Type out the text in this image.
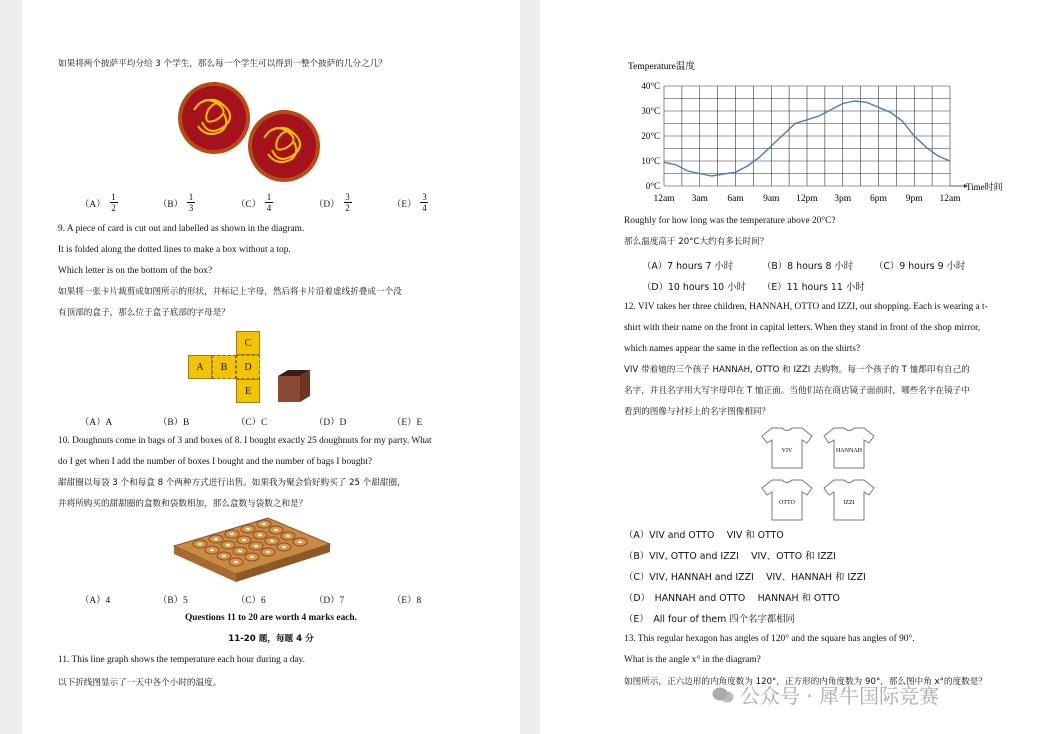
如果将两个披萨平均分给 3 个学生，那么每一个学生可以得到一整个披萨的几分之几？
$(A) \frac{1}{2}$	$(B) \frac{1}{3}$	$(C) \frac{1}{4}$	$(D) \frac{3}{2}$	$(E) \frac{3}{4}$
9. A piece of card is cut out and labelled as shown in the diagram.
It is folded along the dotted lines to make a box without a top.
Which letter is on the bottom of the box?
如果将一张卡片裁剪成如图所示的形状，并标记上字母，然后将卡片沿着虚线折叠成一个没
有顶部的盒子，那么位于盒子底部的字母是？
A	B
C
D
E
（A）A	（B）B	（C）C	（D）D	（E）E
10. Doughnuts come in bags of 3 and boxes of 8. I bought exactly 25 doughnuts for my party. What
do I get when I add the number of boxes I bought and the number of bags I bought?
甜甜圈以每袋 3 个和每盒 8 个两种方式进行出售。如果我为聚会恰好购买了 25 个甜甜圈，
并将所购买的甜甜圈的盒数和袋数相加，那么盒数与袋数之和是？
（A）4	（B）5	（C）6	（D）7	（E）8
Questions 11 to 20 are worth 4 marks each.
11-20 题，每题 4 分
11. This line graph shows the temperature each hour during a day.
以下折线图显示了一天中各个小时的温度。
Temperature温度
0°C
10°C
20°C
30°C
40°C
12am 3am 6am 9am 12pm 3pm 6pm 9pm 12am
Time时间
Roughly for how long was the temperature above 20°C?
那么温度高于 20°C大约有多长时间？
（A）7 hours 7 小时	（B）8 hours 8 小时 （C）9 hours 9 小时
（D）10 hours 10 小时 （E）11 hours 11 小时
12. VIV takes her three children, HANNAH, OTTO and IZZI, out shopping. Each is wearing a t-
shirt with their name on the front in capital letters. When they stand in front of the shop mirror,
which names appear the same in the reflection as on the shirts?
VIV 带着她的三个孩子 HANNAH, OTTO 和 IZZI 去购物。每一个孩子的 T 恤都印有自己的
名字，并且名字用大写字母印在 T 恤正面。当他们站在商店镜子面前时，哪些名字在镜子中
看到的图像与衬衫上的名字图像相同？
VIV	HANNAH
OTTO	IZZI
（A）VIV and OTTO　 VIV 和 OTTO
（B）VIV, OTTO and IZZI　 VIV、OTTO 和 IZZI
（C）VIV, HANNAH and IZZI　 VIV、HANNAH 和 IZZI
（D）　HANNAH and OTTO　 HANNAH 和 OTTO
（E）　All four of them 四个名字都相同
13. This regular hexagon has angles of 120° and the square has angles of 90°.
What is the angle x° in the diagram?
如图所示，正六边形的内角度数为 120°，正方形的内角度数为 90°，那么图中角 x°的度数是？
公众号 · 犀牛国际竞赛
